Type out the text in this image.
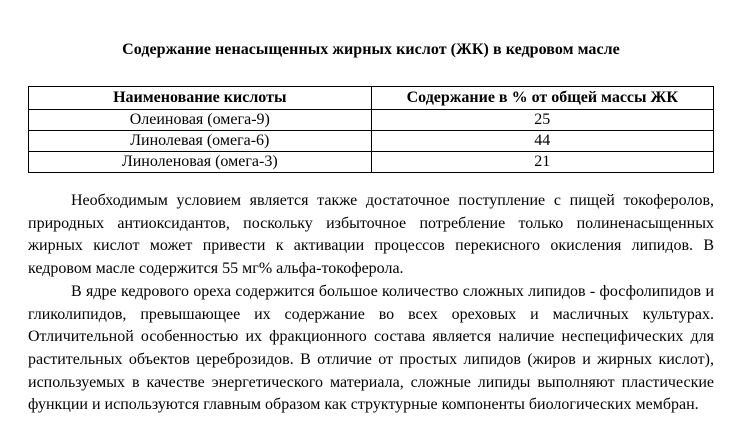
Содержание ненасыщенных жирных кислот (ЖК) в кедровом масле
Наименование кислоты	Содержание в % от общей массы ЖК
Олеиновая (омега-9)	25
Линолевая (омега-6)	44
Линоленовая (омега-3)	21

Необходимым условием является также достаточное поступление с пищей токоферолов, природных антиоксидантов, поскольку избыточное потребление только полиненасыщенных жирных кислот может привести к активации процессов перекисного окисления липидов. В кедровом масле содержится 55 мг% альфа-токоферола.

В ядре кедрового ореха содержится большое количество сложных липидов - фосфолипидов и гликолипидов, превышающее их содержание во всех ореховых и масличных культурах. Отличительной особенностью их фракционного состава является наличие неспецифических для растительных объектов цереброзидов. В отличие от простых липидов (жиров и жирных кислот), используемых в качестве энергетического материала, сложные липиды выполняют пластические функции и используются главным образом как структурные компоненты биологических мембран.
